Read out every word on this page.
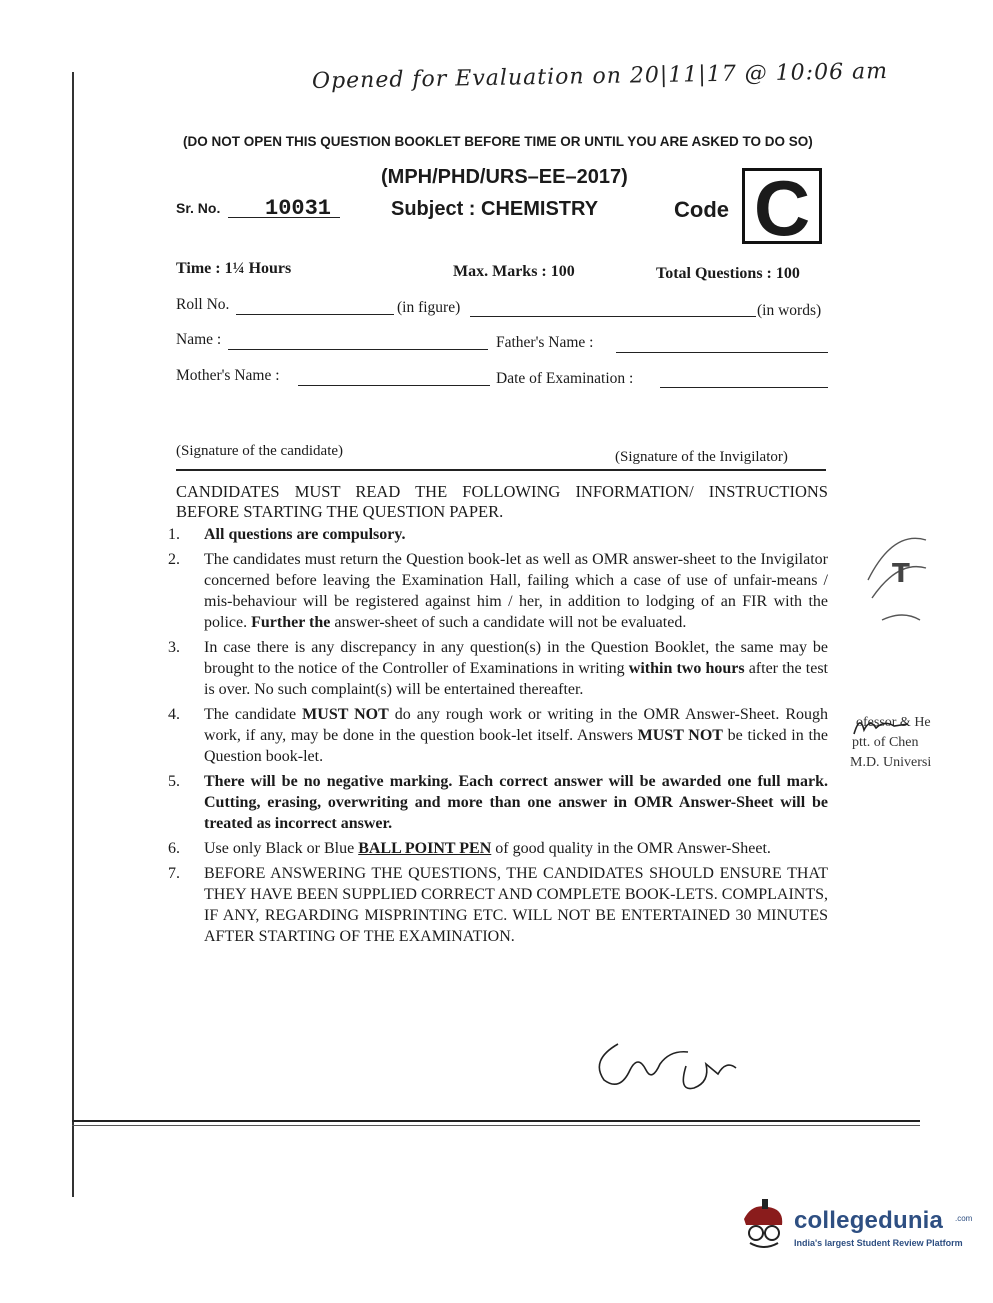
Opened for Evaluation on 20|11|17 @ 10:06 am
(DO NOT OPEN THIS QUESTION BOOKLET BEFORE TIME OR UNTIL YOU ARE ASKED TO DO SO)
(MPH/PHD/URS–EE–2017)
Sr. No. 10031	Subject : CHEMISTRY	Code C
Time : 1¼ Hours	Max. Marks : 100	Total Questions : 100
Roll No.	(in figure)	(in words)
Name :	Father's Name :
Mother's Name :	Date of Examination :
(Signature of the candidate)	(Signature of the Invigilator)
CANDIDATES MUST READ THE FOLLOWING INFORMATION/ INSTRUCTIONS BEFORE STARTING THE QUESTION PAPER.
1.	All questions are compulsory.
2.	The candidates must return the Question book-let as well as OMR answer-sheet to the Invigilator concerned before leaving the Examination Hall, failing which a case of use of unfair-means / mis-behaviour will be registered against him / her, in addition to lodging of an FIR with the police. Further the answer-sheet of such a candidate will not be evaluated.
3.	In case there is any discrepancy in any question(s) in the Question Booklet, the same may be brought to the notice of the Controller of Examinations in writing within two hours after the test is over. No such complaint(s) will be entertained thereafter.
4.	The candidate MUST NOT do any rough work or writing in the OMR Answer-Sheet. Rough work, if any, may be done in the question book-let itself. Answers MUST NOT be ticked in the Question book-let.
5.	There will be no negative marking. Each correct answer will be awarded one full mark. Cutting, erasing, overwriting and more than one answer in OMR Answer-Sheet will be treated as incorrect answer.
6.	Use only Black or Blue BALL POINT PEN of good quality in the OMR Answer-Sheet.
7.	BEFORE ANSWERING THE QUESTIONS, THE CANDIDATES SHOULD ENSURE THAT THEY HAVE BEEN SUPPLIED CORRECT AND COMPLETE BOOK-LETS. COMPLAINTS, IF ANY, REGARDING MISPRINTING ETC. WILL NOT BE ENTERTAINED 30 MINUTES AFTER STARTING OF THE EXAMINATION.
T
ofessor & He
ptt. of Chen
M.D. Universi
collegedunia .com
India's largest Student Review Platform
